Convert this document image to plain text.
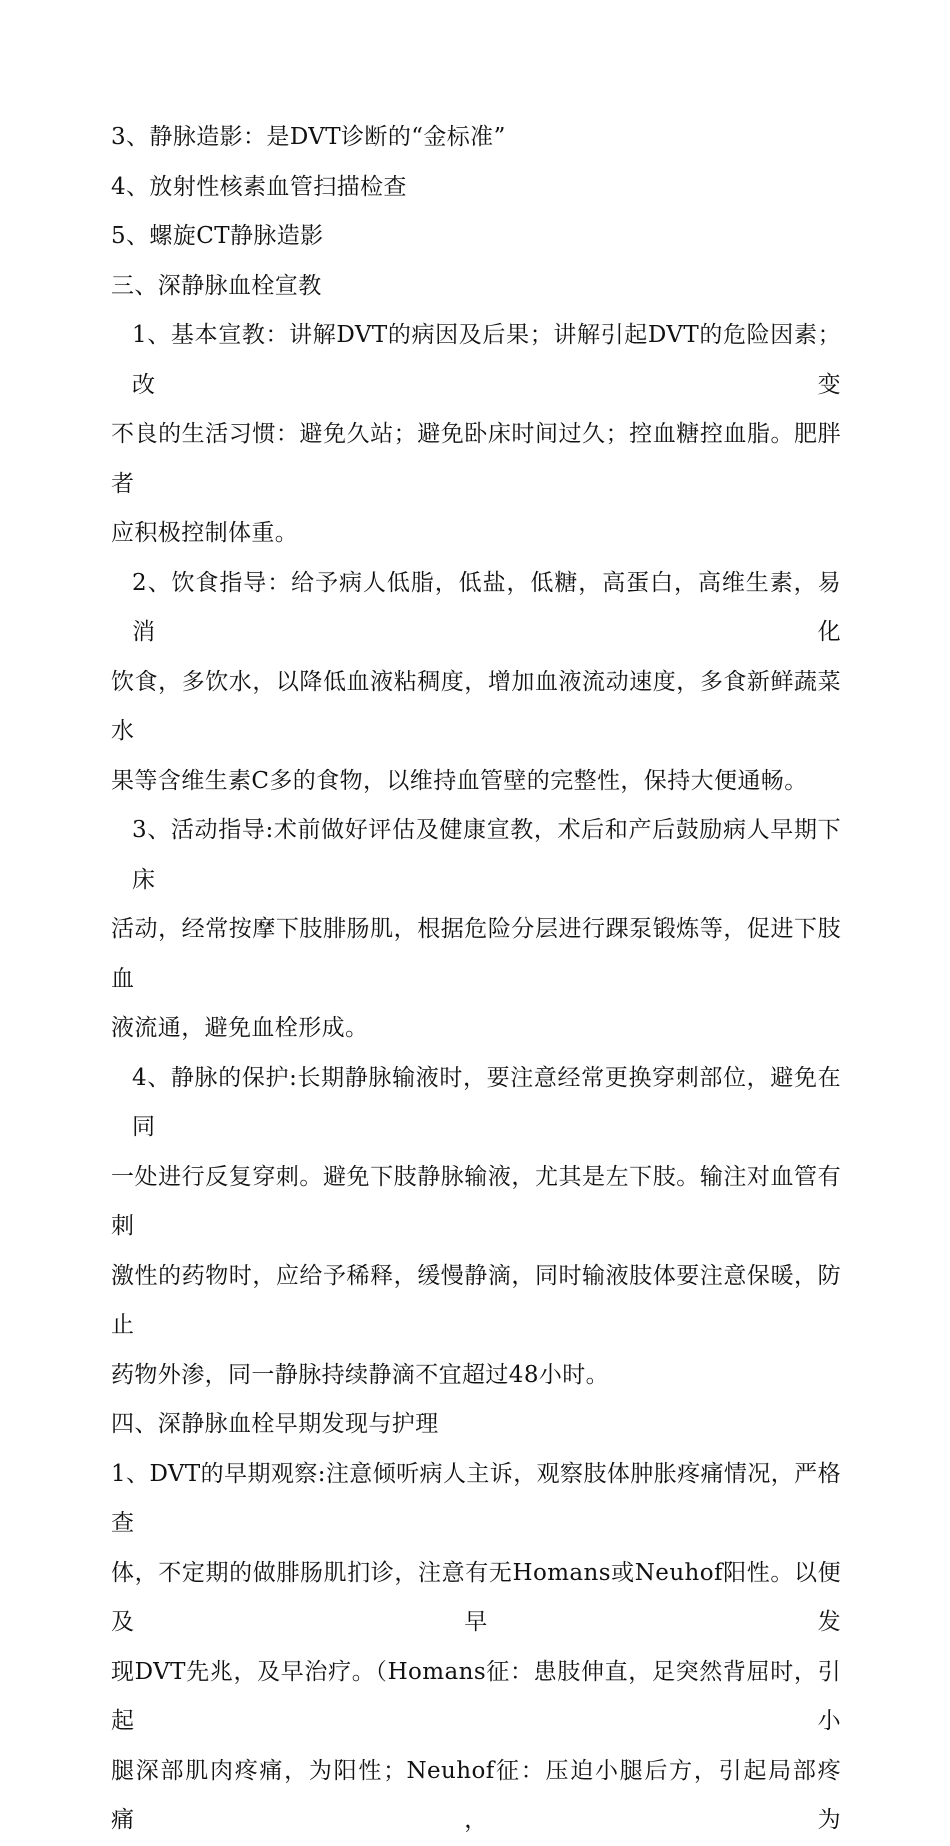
3、静脉造影：是DVT诊断的“金标准”
4、放射性核素血管扫描检查
5、螺旋CT静脉造影
三、深静脉血栓宣教
1、基本宣教：讲解DVT的病因及后果；讲解引起DVT的危险因素；改变
不良的生活习惯：避免久站；避免卧床时间过久；控血糖控血脂。肥胖者
应积极控制体重。
2、饮食指导：给予病人低脂，低盐，低糖，高蛋白，高维生素，易消化
饮食，多饮水，以降低血液粘稠度，增加血液流动速度，多食新鲜蔬菜水
果等含维生素C多的食物，以维持血管壁的完整性，保持大便通畅。
3、活动指导:术前做好评估及健康宣教，术后和产后鼓励病人早期下床
活动，经常按摩下肢腓肠肌，根据危险分层进行踝泵锻炼等，促进下肢血
液流通，避免血栓形成。
4、静脉的保护:长期静脉输液时，要注意经常更换穿刺部位，避免在同
一处进行反复穿刺。避免下肢静脉输液，尤其是左下肢。输注对血管有刺
激性的药物时，应给予稀释，缓慢静滴，同时输液肢体要注意保暖，防止
药物外渗，同一静脉持续静滴不宜超过48小时。
四、深静脉血栓早期发现与护理
1、DVT的早期观察:注意倾听病人主诉，观察肢体肿胀疼痛情况，严格查
体，不定期的做腓肠肌扪诊，注意有无Homans或Neuhof阳性。以便及早发
现DVT先兆，及早治疗。（Homans征：患肢伸直，足突然背屈时，引起小
腿深部肌肉疼痛，为阳性；Neuhof征：压迫小腿后方，引起局部疼痛，为
